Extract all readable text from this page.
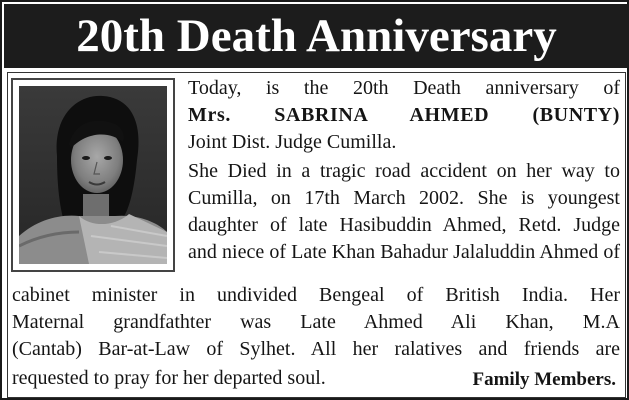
20th Death Anniversary
Today, is the 20th Death anniversary of
Mrs. SABRINA AHMED (BUNTY)
Joint Dist. Judge Cumilla.
She Died in a tragic road accident on her way to
Cumilla, on 17th March 2002. She is youngest
daughter of late Hasibuddin Ahmed, Retd. Judge
and niece of Late Khan Bahadur Jalaluddin Ahmed of
cabinet minister in undivided Bengeal of British India. Her
Maternal grandfathter was Late Ahmed Ali Khan, M.A
(Cantab) Bar-at-Law of Sylhet. All her ralatives and friends are
requested to pray for her departed soul.	Family Members.
